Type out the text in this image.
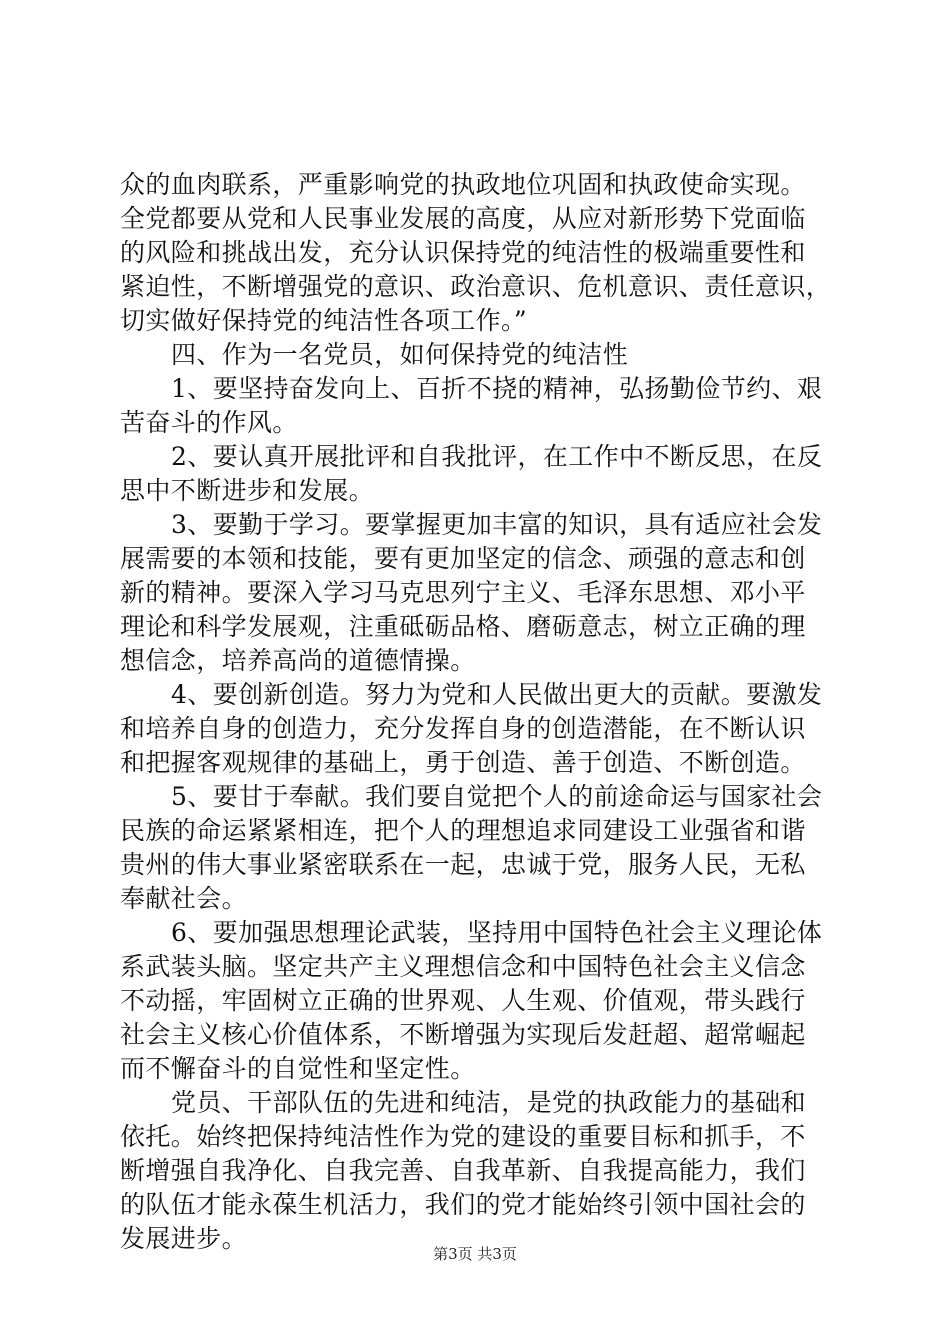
众的血肉联系，严重影响党的执政地位巩固和执政使命实现。
全党都要从党和人民事业发展的高度，从应对新形势下党面临
的风险和挑战出发，充分认识保持党的纯洁性的极端重要性和
紧迫性，不断增强党的意识、政治意识、危机意识、责任意识，
切实做好保持党的纯洁性各项工作。”
四、作为一名党员，如何保持党的纯洁性
1、要坚持奋发向上、百折不挠的精神，弘扬勤俭节约、艰
苦奋斗的作风。
2、要认真开展批评和自我批评，在工作中不断反思，在反
思中不断进步和发展。
3、要勤于学习。要掌握更加丰富的知识，具有适应社会发
展需要的本领和技能，要有更加坚定的信念、顽强的意志和创
新的精神。要深入学习马克思列宁主义、毛泽东思想、邓小平
理论和科学发展观，注重砥砺品格、磨砺意志，树立正确的理
想信念，培养高尚的道德情操。
4、要创新创造。努力为党和人民做出更大的贡献。要激发
和培养自身的创造力，充分发挥自身的创造潜能，在不断认识
和把握客观规律的基础上，勇于创造、善于创造、不断创造。
5、要甘于奉献。我们要自觉把个人的前途命运与国家社会
民族的命运紧紧相连，把个人的理想追求同建设工业强省和谐
贵州的伟大事业紧密联系在一起，忠诚于党，服务人民，无私
奉献社会。
6、要加强思想理论武装，坚持用中国特色社会主义理论体
系武装头脑。坚定共产主义理想信念和中国特色社会主义信念
不动摇，牢固树立正确的世界观、人生观、价值观，带头践行
社会主义核心价值体系，不断增强为实现后发赶超、超常崛起
而不懈奋斗的自觉性和坚定性。
党员、干部队伍的先进和纯洁，是党的执政能力的基础和
依托。始终把保持纯洁性作为党的建设的重要目标和抓手，不
断增强自我净化、自我完善、自我革新、自我提高能力，我们
的队伍才能永葆生机活力，我们的党才能始终引领中国社会的
发展进步。
第3页 共3页
